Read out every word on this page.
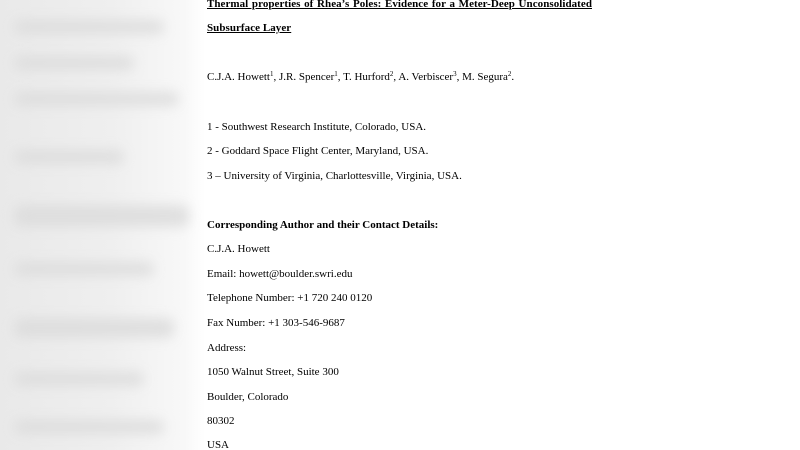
Thermal properties of Rhea’s Poles: Evidence for a Meter-Deep Unconsolidated
Subsurface Layer
C.J.A. Howett$^1$, J.R. Spencer$^1$, T. Hurford$^2$, A. Verbiscer$^3$, M. Segura$^2$.
1 - Southwest Research Institute, Colorado, USA.
2 - Goddard Space Flight Center, Maryland, USA.
3 – University of Virginia, Charlottesville, Virginia, USA.
Corresponding Author and their Contact Details:
C.J.A. Howett
Email: howett@boulder.swri.edu
Telephone Number: +1 720 240 0120
Fax Number: +1 303-546-9687
Address:
1050 Walnut Street, Suite 300
Boulder, Colorado
80302
USA
